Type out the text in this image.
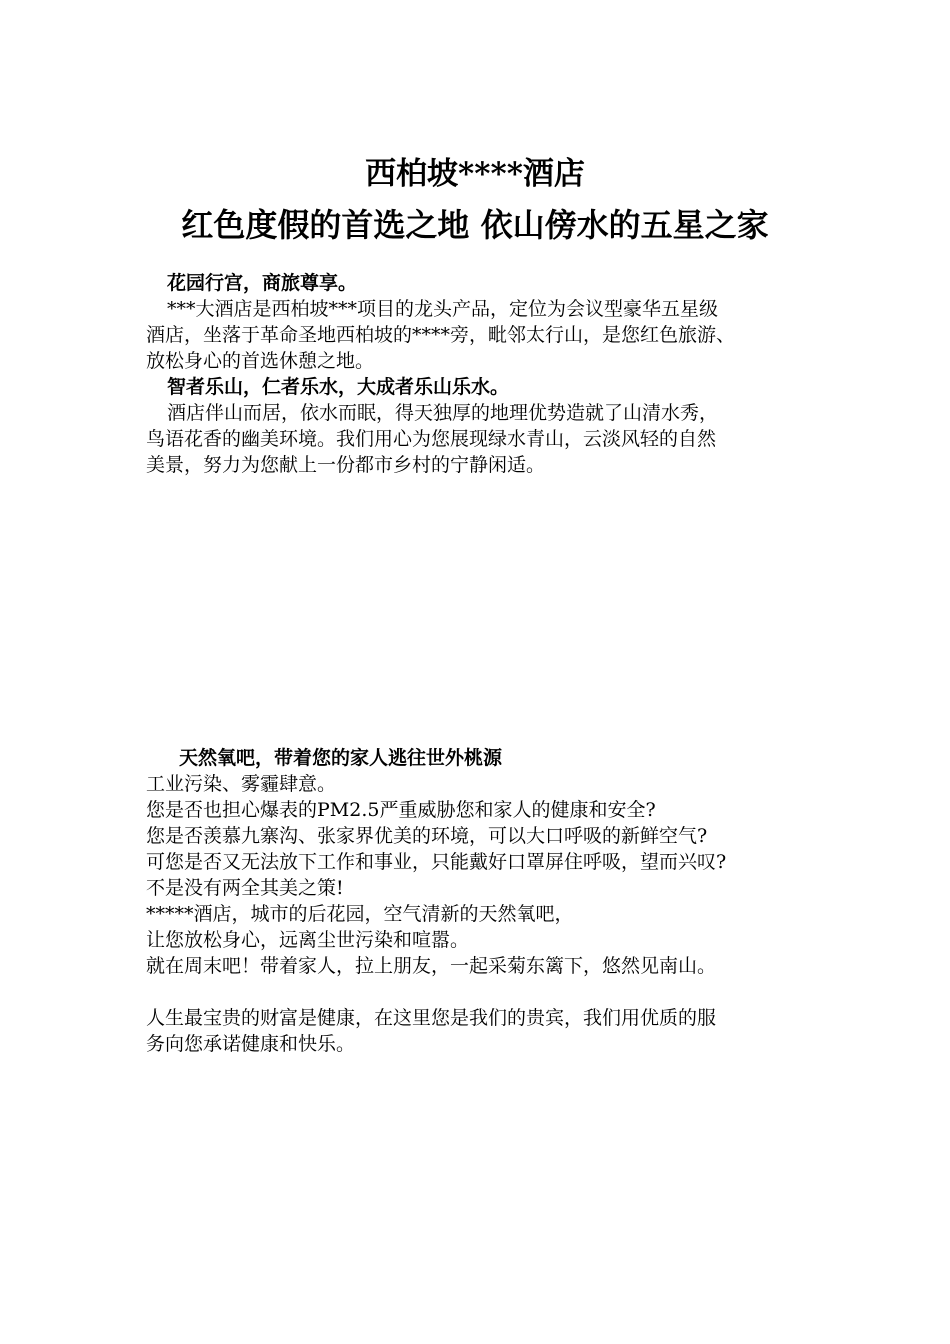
西柏坡****酒店
红色度假的首选之地 依山傍水的五星之家

花园行宫，商旅尊享。

***大酒店是西柏坡***项目的龙头产品，定位为会议型豪华五星级

酒店，坐落于革命圣地西柏坡的****旁，毗邻太行山，是您红色旅游、

放松身心的首选休憩之地。

智者乐山，仁者乐水，大成者乐山乐水。

酒店伴山而居，依水而眠，得天独厚的地理优势造就了山清水秀，

鸟语花香的幽美环境。我们用心为您展现绿水青山，云淡风轻的自然

美景，努力为您献上一份都市乡村的宁静闲适。

天然氧吧，带着您的家人逃往世外桃源

工业污染、雾霾肆意。

您是否也担心爆表的PM2.5严重威胁您和家人的健康和安全?

您是否羡慕九寨沟、张家界优美的环境，可以大口呼吸的新鲜空气?

可您是否又无法放下工作和事业，只能戴好口罩屏住呼吸，望而兴叹?

不是没有两全其美之策!

*****酒店，城市的后花园，空气清新的天然氧吧，

让您放松身心，远离尘世污染和喧嚣。

就在周末吧！带着家人，拉上朋友，一起采菊东篱下，悠然见南山。

人生最宝贵的财富是健康，在这里您是我们的贵宾，我们用优质的服

务向您承诺健康和快乐。
